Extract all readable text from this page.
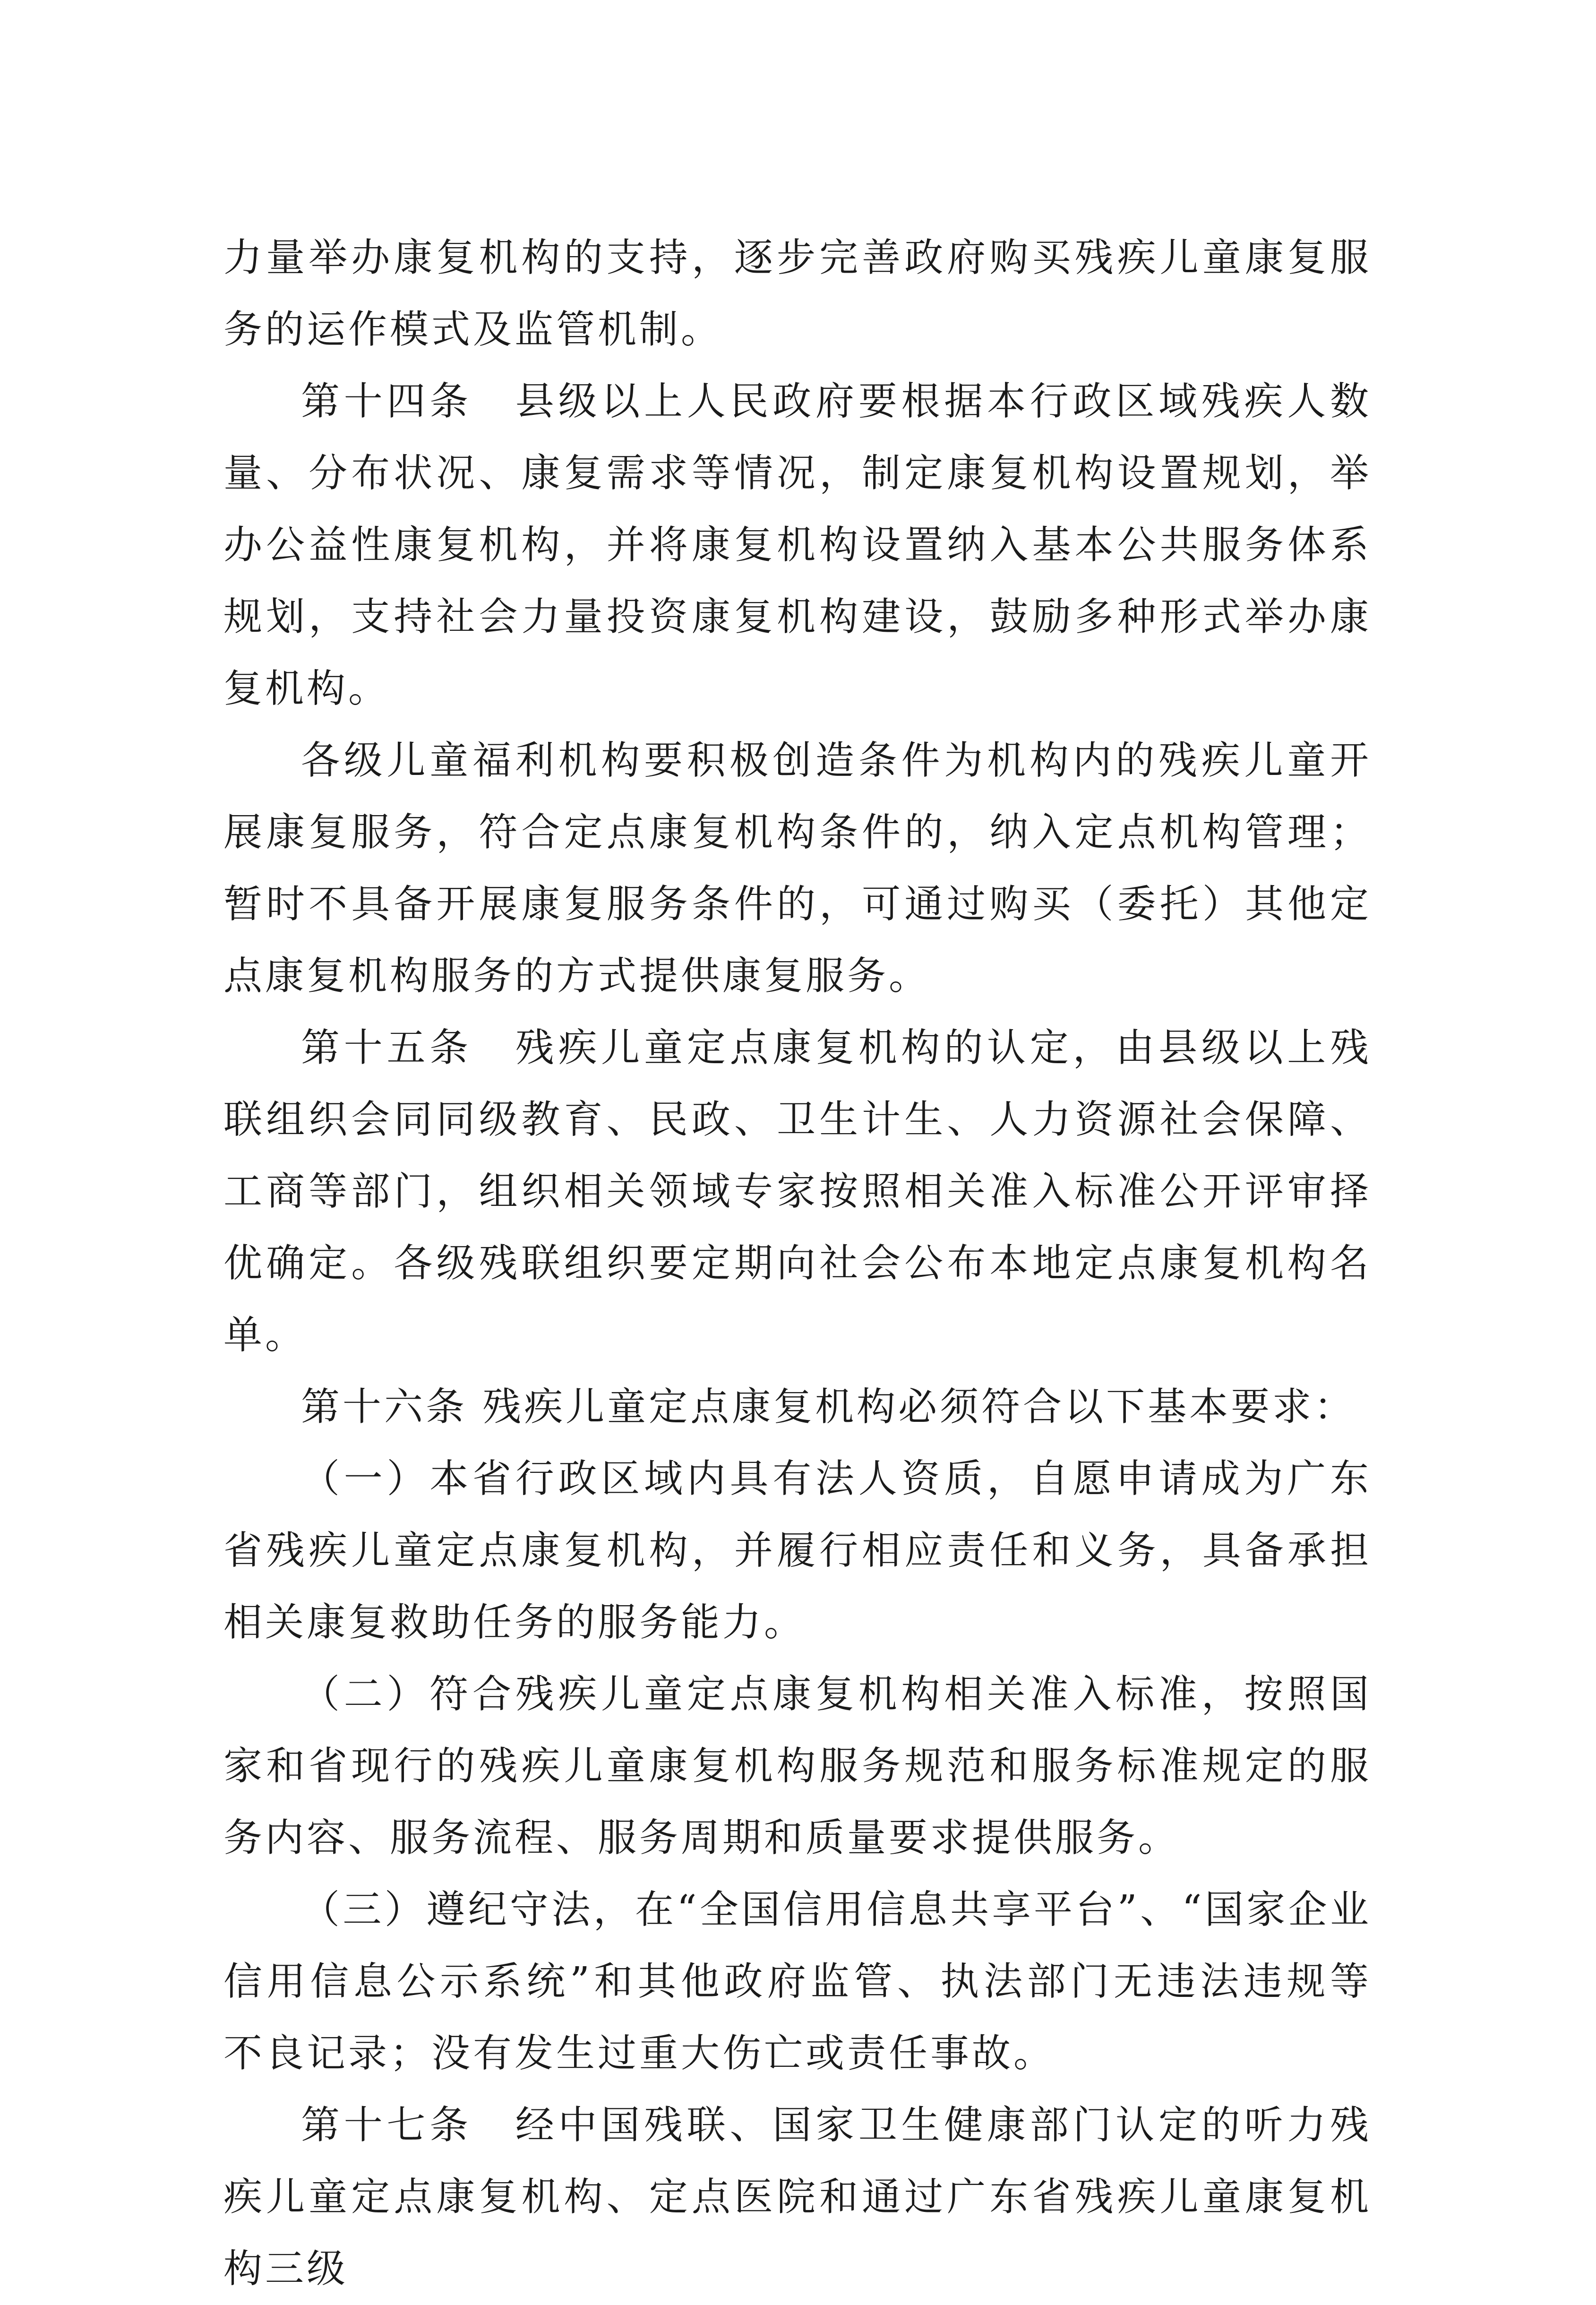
力量举办康复机构的支持，逐步完善政府购买残疾儿童康复服务的运作模式及监管机制。

第十四条　县级以上人民政府要根据本行政区域残疾人数量、分布状况、康复需求等情况，制定康复机构设置规划，举办公益性康复机构，并将康复机构设置纳入基本公共服务体系规划，支持社会力量投资康复机构建设，鼓励多种形式举办康复机构。

各级儿童福利机构要积极创造条件为机构内的残疾儿童开展康复服务，符合定点康复机构条件的，纳入定点机构管理；暂时不具备开展康复服务条件的，可通过购买（委托）其他定点康复机构服务的方式提供康复服务。

第十五条　残疾儿童定点康复机构的认定，由县级以上残联组织会同同级教育、民政、卫生计生、人力资源社会保障、工商等部门，组织相关领域专家按照相关准入标准公开评审择优确定。各级残联组织要定期向社会公布本地定点康复机构名单。

第十六条 残疾儿童定点康复机构必须符合以下基本要求：

（一）本省行政区域内具有法人资质，自愿申请成为广东省残疾儿童定点康复机构，并履行相应责任和义务，具备承担相关康复救助任务的服务能力。

（二）符合残疾儿童定点康复机构相关准入标准，按照国家和省现行的残疾儿童康复机构服务规范和服务标准规定的服务内容、服务流程、服务周期和质量要求提供服务。

（三）遵纪守法，在“全国信用信息共享平台”、“国家企业信用信息公示系统”和其他政府监管、执法部门无违法违规等 不良记录；没有发生过重大伤亡或责任事故。

第十七条　经中国残联、国家卫生健康部门认定的听力残疾儿童定点康复机构、定点医院和通过广东省残疾儿童康复机构三级
